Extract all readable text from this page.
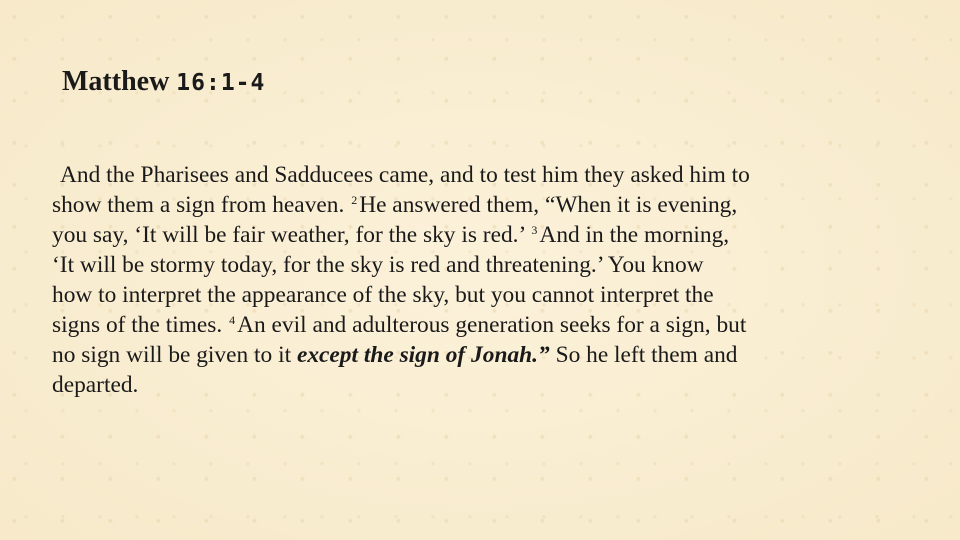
Matthew 16:1-4

And the Pharisees and Sadducees came, and to test him they asked him to
show them a sign from heaven. $^2$He answered them, “When it is evening,
you say, ‘It will be fair weather, for the sky is red.’ $^3$And in the morning,
‘It will be stormy today, for the sky is red and threatening.’ You know
how to interpret the appearance of the sky, but you cannot interpret the
signs of the times. $^4$An evil and adulterous generation seeks for a sign, but
no sign will be given to it except the sign of Jonah.” So he left them and
departed.
